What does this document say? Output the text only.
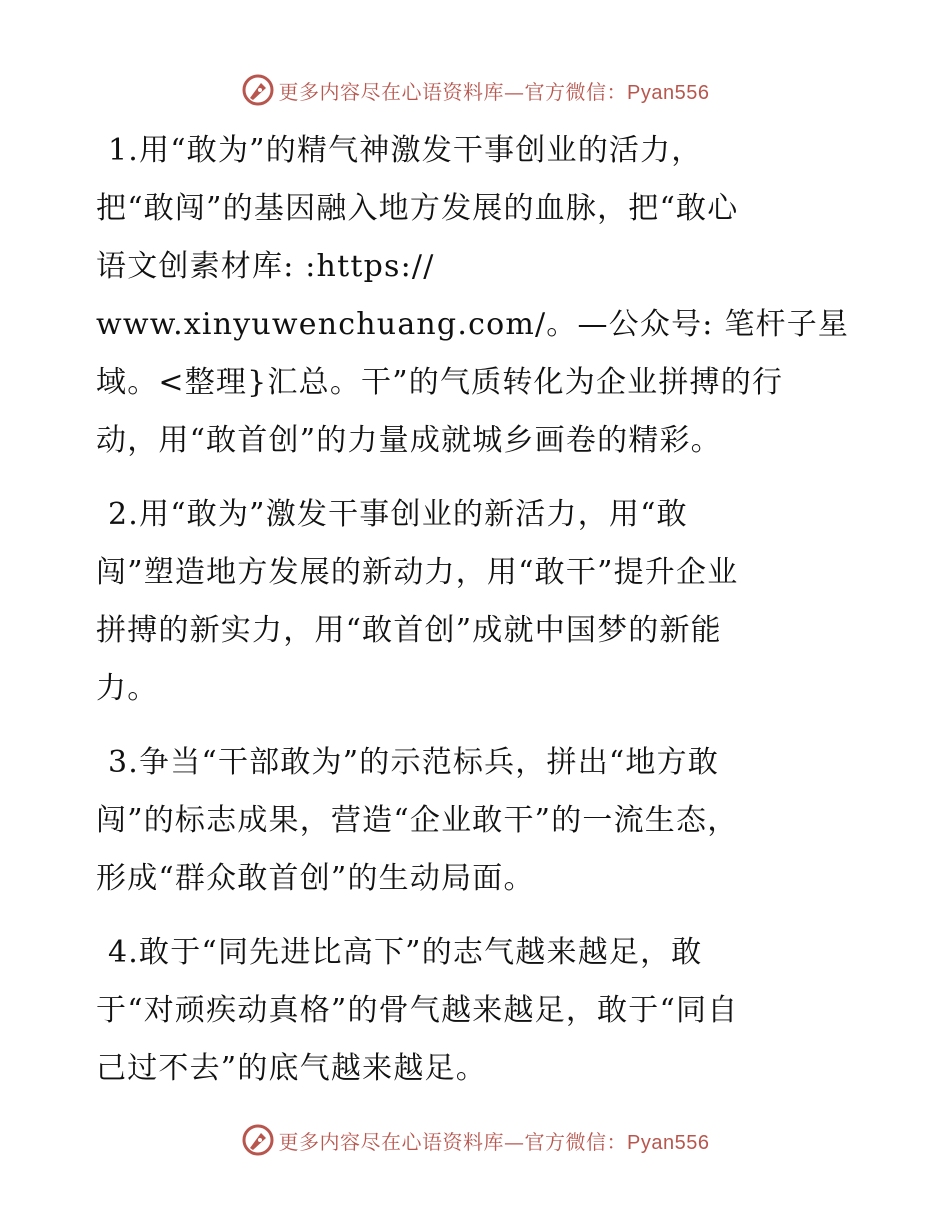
更多内容尽在心语资料库—官方微信：Pyan556

1.用“敢为”的精气神激发干事创业的活力，
把“敢闯”的基因融入地方发展的血脉，把“敢心
语文创素材库: :https://
www.xinyuwenchuang.com/。—公众号: 笔杆子星
域。<整理}汇总。干”的气质转化为企业拼搏的行
动，用“敢首创”的力量成就城乡画卷的精彩。

2.用“敢为”激发干事创业的新活力，用“敢
闯”塑造地方发展的新动力，用“敢干”提升企业
拼搏的新实力，用“敢首创”成就中国梦的新能
力。

3.争当“干部敢为”的示范标兵，拼出“地方敢
闯”的标志成果，营造“企业敢干”的一流生态，
形成“群众敢首创”的生动局面。

4.敢于“同先进比高下”的志气越来越足，敢
于“对顽疾动真格”的骨气越来越足，敢于“同自
己过不去”的底气越来越足。

更多内容尽在心语资料库—官方微信：Pyan556
